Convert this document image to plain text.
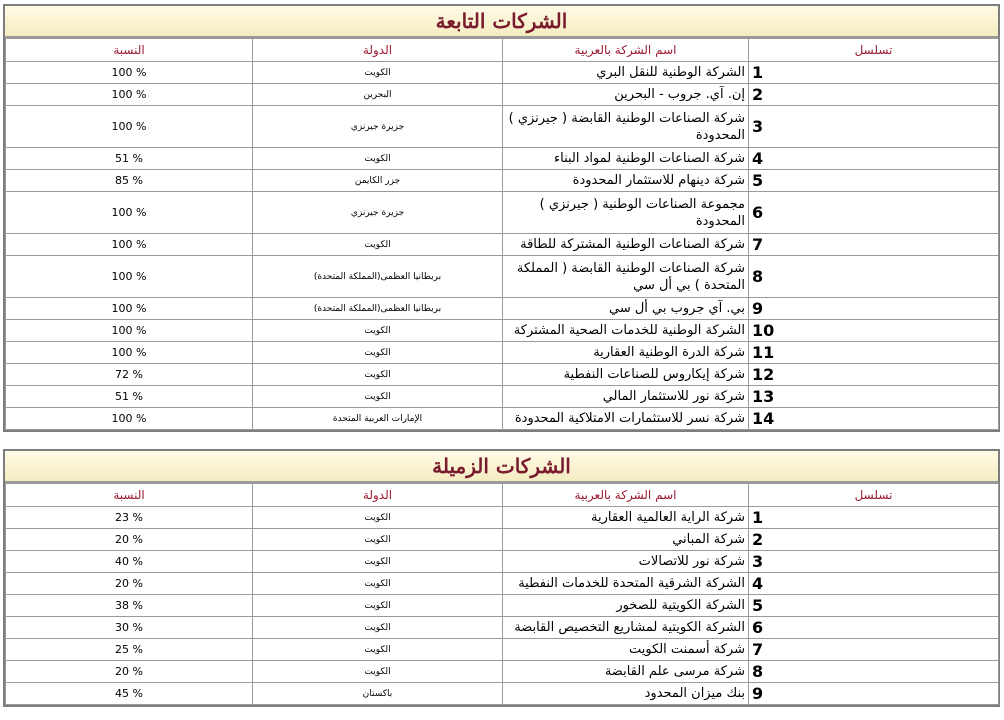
الشركات التابعة
تسلسل	اسم الشركة بالعربية	الدولة	النسبة
1	الشركة الوطنية للنقل البري	الكويت	100 %
2	إن. آي. جروب - البحرين	البحرين	100 %
3	شركة الصناعات الوطنية القابضة ( جيرنزي ) المحدودة	جزيرة جيرنزي	100 %
4	شركة الصناعات الوطنية لمواد البناء	الكويت	51 %
5	شركة دينهام للاستثمار المحدودة	جزر الكايمن	85 %
6	مجموعة الصناعات الوطنية ( جيرنزي ) المحدودة	جزيرة جيرنزي	100 %
7	شركة الصناعات الوطنية المشتركة للطاقة	الكويت	100 %
8	شركة الصناعات الوطنية القابضة ( المملكة المتحدة ) بي أل سي	بريطانيا العظمى(المملكة المتحدة)	100 %
9	بي. آي جروب بي أل سي	بريطانيا العظمى(المملكة المتحدة)	100 %
10	الشركة الوطنية للخدمات الصحية المشتركة	الكويت	100 %
11	شركة الدرة الوطنية العقارية	الكويت	100 %
12	شركة إيكاروس للصناعات النفطية	الكويت	72 %
13	شركة نور للاستثمار المالي	الكويت	51 %
14	شركة نسر للاستثمارات الامتلاكية المحدودة	الإمارات العربية المتحدة	100 %
الشركات الزميلة
تسلسل	اسم الشركة بالعربية	الدولة	النسبة
1	شركة الراية العالمية العقارية	الكويت	23 %
2	شركة المباني	الكويت	20 %
3	شركة نور للاتصالات	الكويت	40 %
4	الشركة الشرقية المتحدة للخدمات النفطية	الكويت	20 %
5	الشركة الكويتية للصخور	الكويت	38 %
6	الشركة الكويتية لمشاريع التخصيص القابضة	الكويت	30 %
7	شركة أسمنت الكويت	الكويت	25 %
8	شركة مرسى علم القابضة	الكويت	20 %
9	بنك ميزان المحدود	باكستان	45 %
